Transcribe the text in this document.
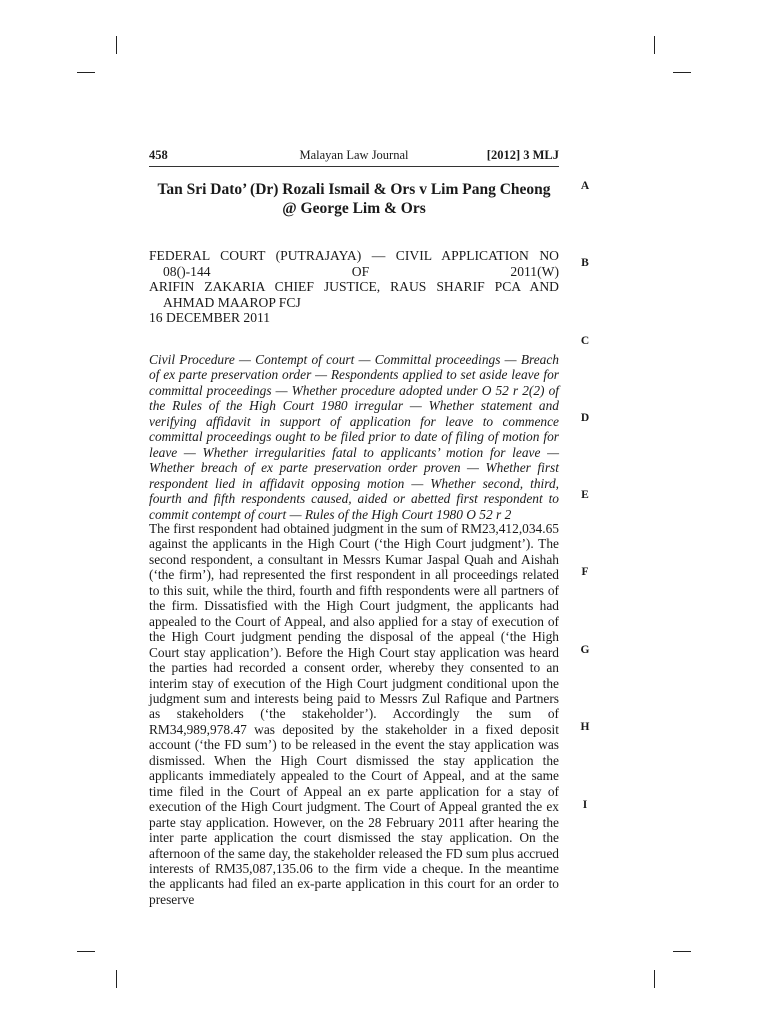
458	Malayan Law Journal	[2012] 3 MLJ
Tan Sri Dato’ (Dr) Rozali Ismail & Ors v Lim Pang Cheong @ George Lim & Ors
FEDERAL COURT (PUTRAJAYA) — CIVIL APPLICATION NO 08()-144 OF 2011(W)
ARIFIN ZAKARIA CHIEF JUSTICE, RAUS SHARIF PCA AND AHMAD MAAROP FCJ
16 DECEMBER 2011
Civil Procedure — Contempt of court — Committal proceedings — Breach of ex parte preservation order — Respondents applied to set aside leave for committal proceedings — Whether procedure adopted under O 52 r 2(2) of the Rules of the High Court 1980 irregular — Whether statement and verifying affidavit in support of application for leave to commence committal proceedings ought to be filed prior to date of filing of motion for leave — Whether irregularities fatal to applicants’ motion for leave — Whether breach of ex parte preservation order proven — Whether first respondent lied in affidavit opposing motion — Whether second, third, fourth and fifth respondents caused, aided or abetted first respondent to commit contempt of court — Rules of the High Court 1980 O 52 r 2
The first respondent had obtained judgment in the sum of RM23,412,034.65 against the applicants in the High Court (‘the High Court judgment’). The second respondent, a consultant in Messrs Kumar Jaspal Quah and Aishah (‘the firm’), had represented the first respondent in all proceedings related to this suit, while the third, fourth and fifth respondents were all partners of the firm. Dissatisfied with the High Court judgment, the applicants had appealed to the Court of Appeal, and also applied for a stay of execution of the High Court judgment pending the disposal of the appeal (‘the High Court stay application’). Before the High Court stay application was heard the parties had recorded a consent order, whereby they consented to an interim stay of execution of the High Court judgment conditional upon the judgment sum and interests being paid to Messrs Zul Rafique and Partners as stakeholders (‘the stakeholder’). Accordingly the sum of RM34,989,978.47 was deposited by the stakeholder in a fixed deposit account (‘the FD sum’) to be released in the event the stay application was dismissed. When the High Court dismissed the stay application the applicants immediately appealed to the Court of Appeal, and at the same time filed in the Court of Appeal an ex parte application for a stay of execution of the High Court judgment. The Court of Appeal granted the ex parte stay application. However, on the 28 February 2011 after hearing the inter parte application the court dismissed the stay application. On the afternoon of the same day, the stakeholder released the FD sum plus accrued interests of RM35,087,135.06 to the firm vide a cheque. In the meantime the applicants had filed an ex-parte application in this court for an order to preserve
A
B
C
D
E
F
G
H
I
